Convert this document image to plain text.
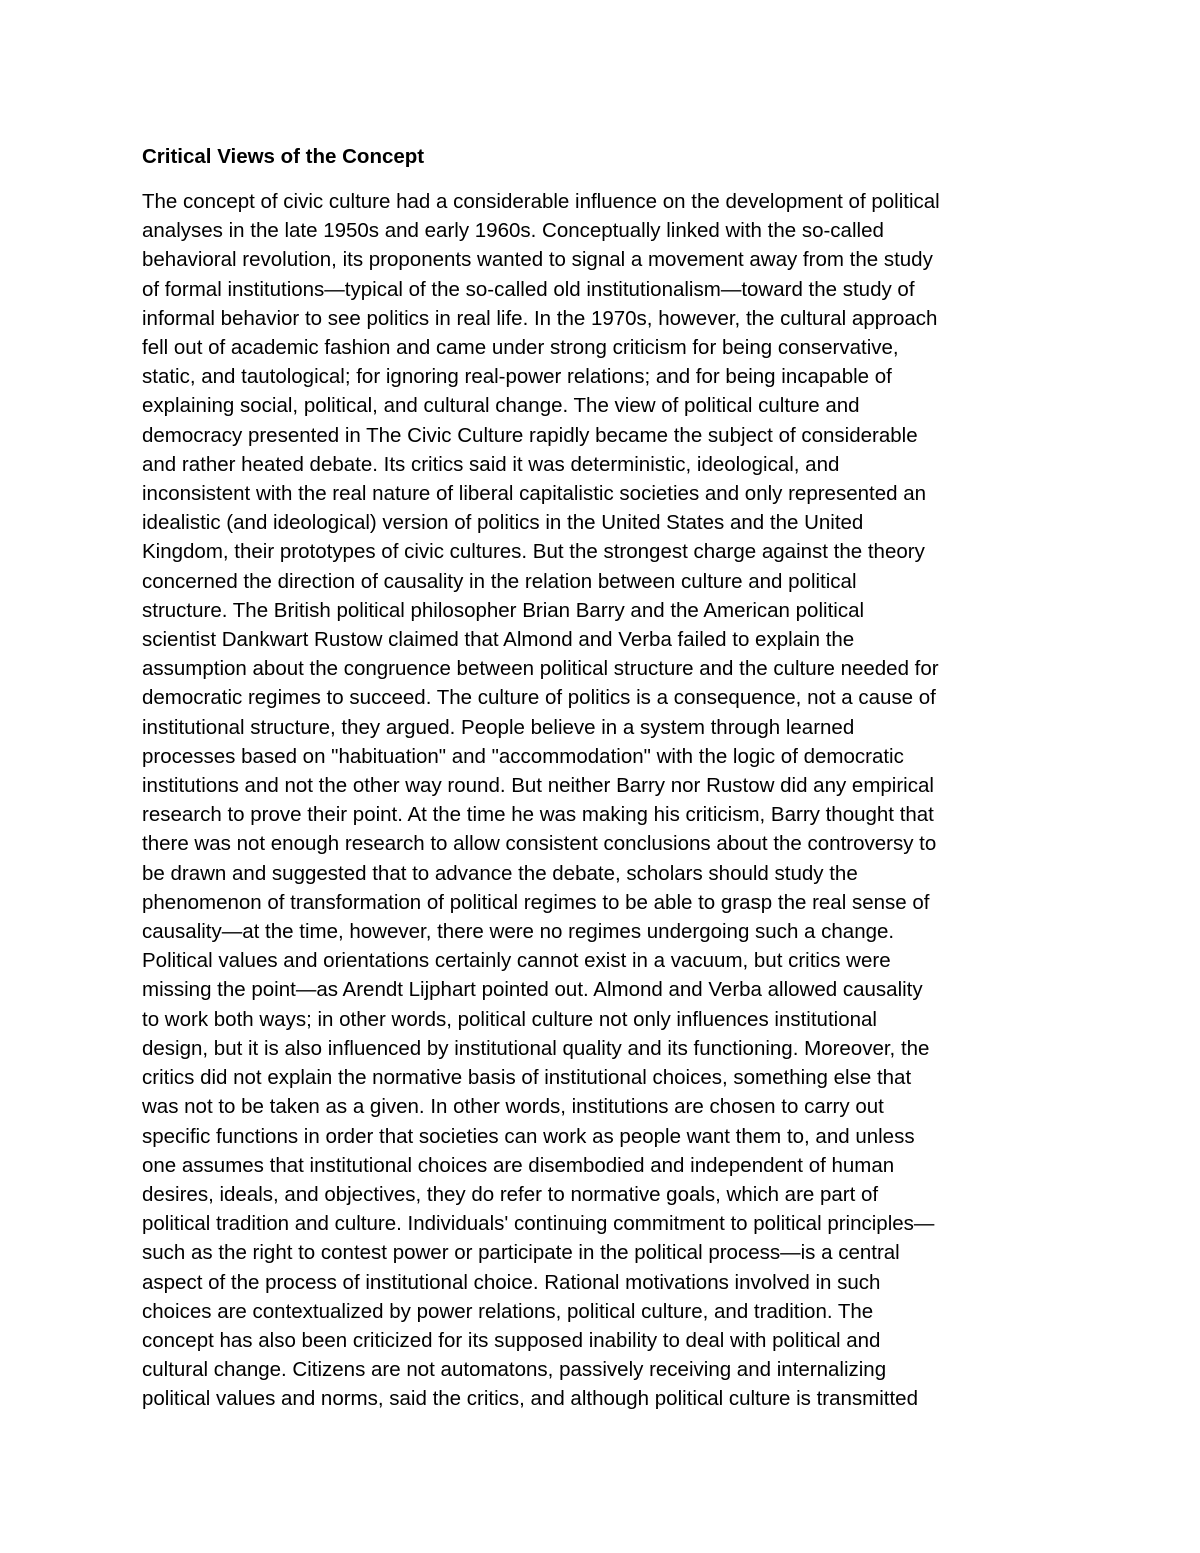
Critical Views of the Concept

The concept of civic culture had a considerable influence on the development of political
analyses in the late 1950s and early 1960s. Conceptually linked with the so-called
behavioral revolution, its proponents wanted to signal a movement away from the study
of formal institutions—typical of the so-called old institutionalism—toward the study of
informal behavior to see politics in real life. In the 1970s, however, the cultural approach
fell out of academic fashion and came under strong criticism for being conservative,
static, and tautological; for ignoring real-power relations; and for being incapable of
explaining social, political, and cultural change. The view of political culture and
democracy presented in The Civic Culture rapidly became the subject of considerable
and rather heated debate. Its critics said it was deterministic, ideological, and
inconsistent with the real nature of liberal capitalistic societies and only represented an
idealistic (and ideological) version of politics in the United States and the United
Kingdom, their prototypes of civic cultures. But the strongest charge against the theory
concerned the direction of causality in the relation between culture and political
structure. The British political philosopher Brian Barry and the American political
scientist Dankwart Rustow claimed that Almond and Verba failed to explain the
assumption about the congruence between political structure and the culture needed for
democratic regimes to succeed. The culture of politics is a consequence, not a cause of
institutional structure, they argued. People believe in a system through learned
processes based on "habituation" and "accommodation" with the logic of democratic
institutions and not the other way round. But neither Barry nor Rustow did any empirical
research to prove their point. At the time he was making his criticism, Barry thought that
there was not enough research to allow consistent conclusions about the controversy to
be drawn and suggested that to advance the debate, scholars should study the
phenomenon of transformation of political regimes to be able to grasp the real sense of
causality—at the time, however, there were no regimes undergoing such a change.
Political values and orientations certainly cannot exist in a vacuum, but critics were
missing the point—as Arendt Lijphart pointed out. Almond and Verba allowed causality
to work both ways; in other words, political culture not only influences institutional
design, but it is also influenced by institutional quality and its functioning. Moreover, the
critics did not explain the normative basis of institutional choices, something else that
was not to be taken as a given. In other words, institutions are chosen to carry out
specific functions in order that societies can work as people want them to, and unless
one assumes that institutional choices are disembodied and independent of human
desires, ideals, and objectives, they do refer to normative goals, which are part of
political tradition and culture. Individuals' continuing commitment to political principles—
such as the right to contest power or participate in the political process—is a central
aspect of the process of institutional choice. Rational motivations involved in such
choices are contextualized by power relations, political culture, and tradition. The
concept has also been criticized for its supposed inability to deal with political and
cultural change. Citizens are not automatons, passively receiving and internalizing
political values and norms, said the critics, and although political culture is transmitted
